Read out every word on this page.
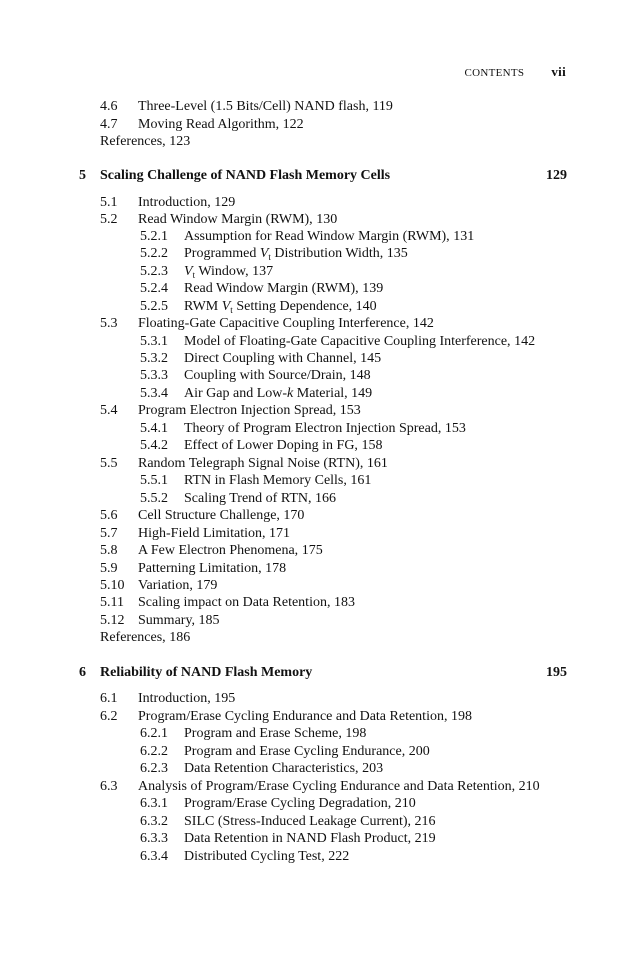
CONTENTS vii
4.6 Three-Level (1.5 Bits/Cell) NAND flash, 119
4.7 Moving Read Algorithm, 122
References, 123
5 Scaling Challenge of NAND Flash Memory Cells	129
5.1 Introduction, 129
5.2 Read Window Margin (RWM), 130
5.2.1 Assumption for Read Window Margin (RWM), 131
5.2.2 Programmed $V_t$ Distribution Width, 135
5.2.3 $V_t$ Window, 137
5.2.4 Read Window Margin (RWM), 139
5.2.5 RWM $V_t$ Setting Dependence, 140
5.3 Floating-Gate Capacitive Coupling Interference, 142
5.3.1 Model of Floating-Gate Capacitive Coupling Interference, 142
5.3.2 Direct Coupling with Channel, 145
5.3.3 Coupling with Source/Drain, 148
5.3.4 Air Gap and Low-k Material, 149
5.4 Program Electron Injection Spread, 153
5.4.1 Theory of Program Electron Injection Spread, 153
5.4.2 Effect of Lower Doping in FG, 158
5.5 Random Telegraph Signal Noise (RTN), 161
5.5.1 RTN in Flash Memory Cells, 161
5.5.2 Scaling Trend of RTN, 166
5.6 Cell Structure Challenge, 170
5.7 High-Field Limitation, 171
5.8 A Few Electron Phenomena, 175
5.9 Patterning Limitation, 178
5.10 Variation, 179
5.11 Scaling impact on Data Retention, 183
5.12 Summary, 185
References, 186
6 Reliability of NAND Flash Memory	195
6.1 Introduction, 195
6.2 Program/Erase Cycling Endurance and Data Retention, 198
6.2.1 Program and Erase Scheme, 198
6.2.2 Program and Erase Cycling Endurance, 200
6.2.3 Data Retention Characteristics, 203
6.3 Analysis of Program/Erase Cycling Endurance and Data Retention, 210
6.3.1 Program/Erase Cycling Degradation, 210
6.3.2 SILC (Stress-Induced Leakage Current), 216
6.3.3 Data Retention in NAND Flash Product, 219
6.3.4 Distributed Cycling Test, 222
